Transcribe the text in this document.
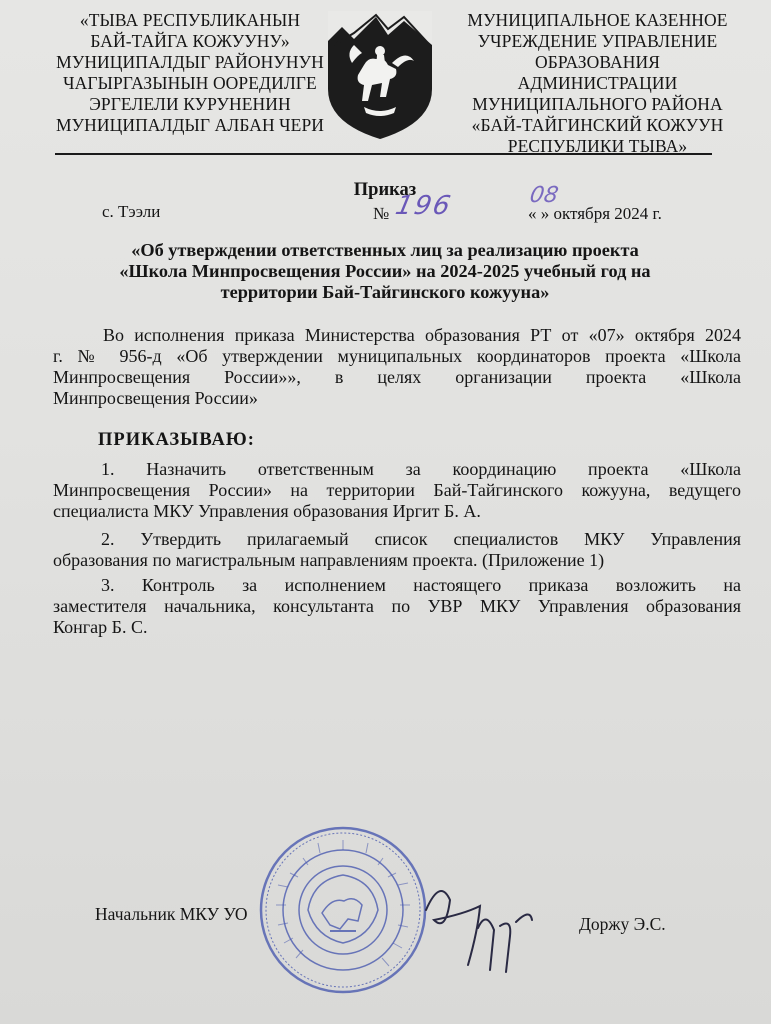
«ТЫВА РЕСПУБЛИКАНЫН
БАЙ-ТАЙГА КОЖУУНУ»
МУНИЦИПАЛДЫГ РАЙОНУНУН
ЧАГЫРГАЗЫНЫН ООРЕДИЛГЕ
ЭРГЕЛЕЛИ КУРУНЕНИН
МУНИЦИПАЛДЫГ АЛБАН ЧЕРИ
МУНИЦИПАЛЬНОЕ КАЗЕННОЕ
УЧРЕЖДЕНИЕ УПРАВЛЕНИЕ
ОБРАЗОВАНИЯ
АДМИНИСТРАЦИИ
МУНИЦИПАЛЬНОГО РАЙОНА
«БАЙ-ТАЙГИНСКИЙ КОЖУУН
РЕСПУБЛИКИ ТЫВА»
Приказ
с. Тээли	№ 196	08
« » октября 2024 г.
«Об утверждении ответственных лиц за реализацию проекта
«Школа Минпросвещения России» на 2024-2025 учебный год на
территории Бай-Тайгинского кожууна»
Во исполнения приказа Министерства образования РТ от «07» октября 2024
г. № 956-д «Об утверждении муниципальных координаторов проекта «Школа
Минпросвещения России»», в целях организации проекта «Школа
Минпросвещения России»
ПРИКАЗЫВАЮ:
1. Назначить ответственным за координацию проекта «Школа
Минпросвещения России» на территории Бай-Тайгинского кожууна, ведущего
специалиста МКУ Управления образования Иргит Б. А.
2. Утвердить прилагаемый список специалистов МКУ Управления
образования по магистральным направлениям проекта. (Приложение 1)
3. Контроль за исполнением настоящего приказа возложить на
заместителя начальника, консультанта по УВР МКУ Управления образования
Конгар Б. С.
Начальник МКУ УО	Доржу Э.С.
